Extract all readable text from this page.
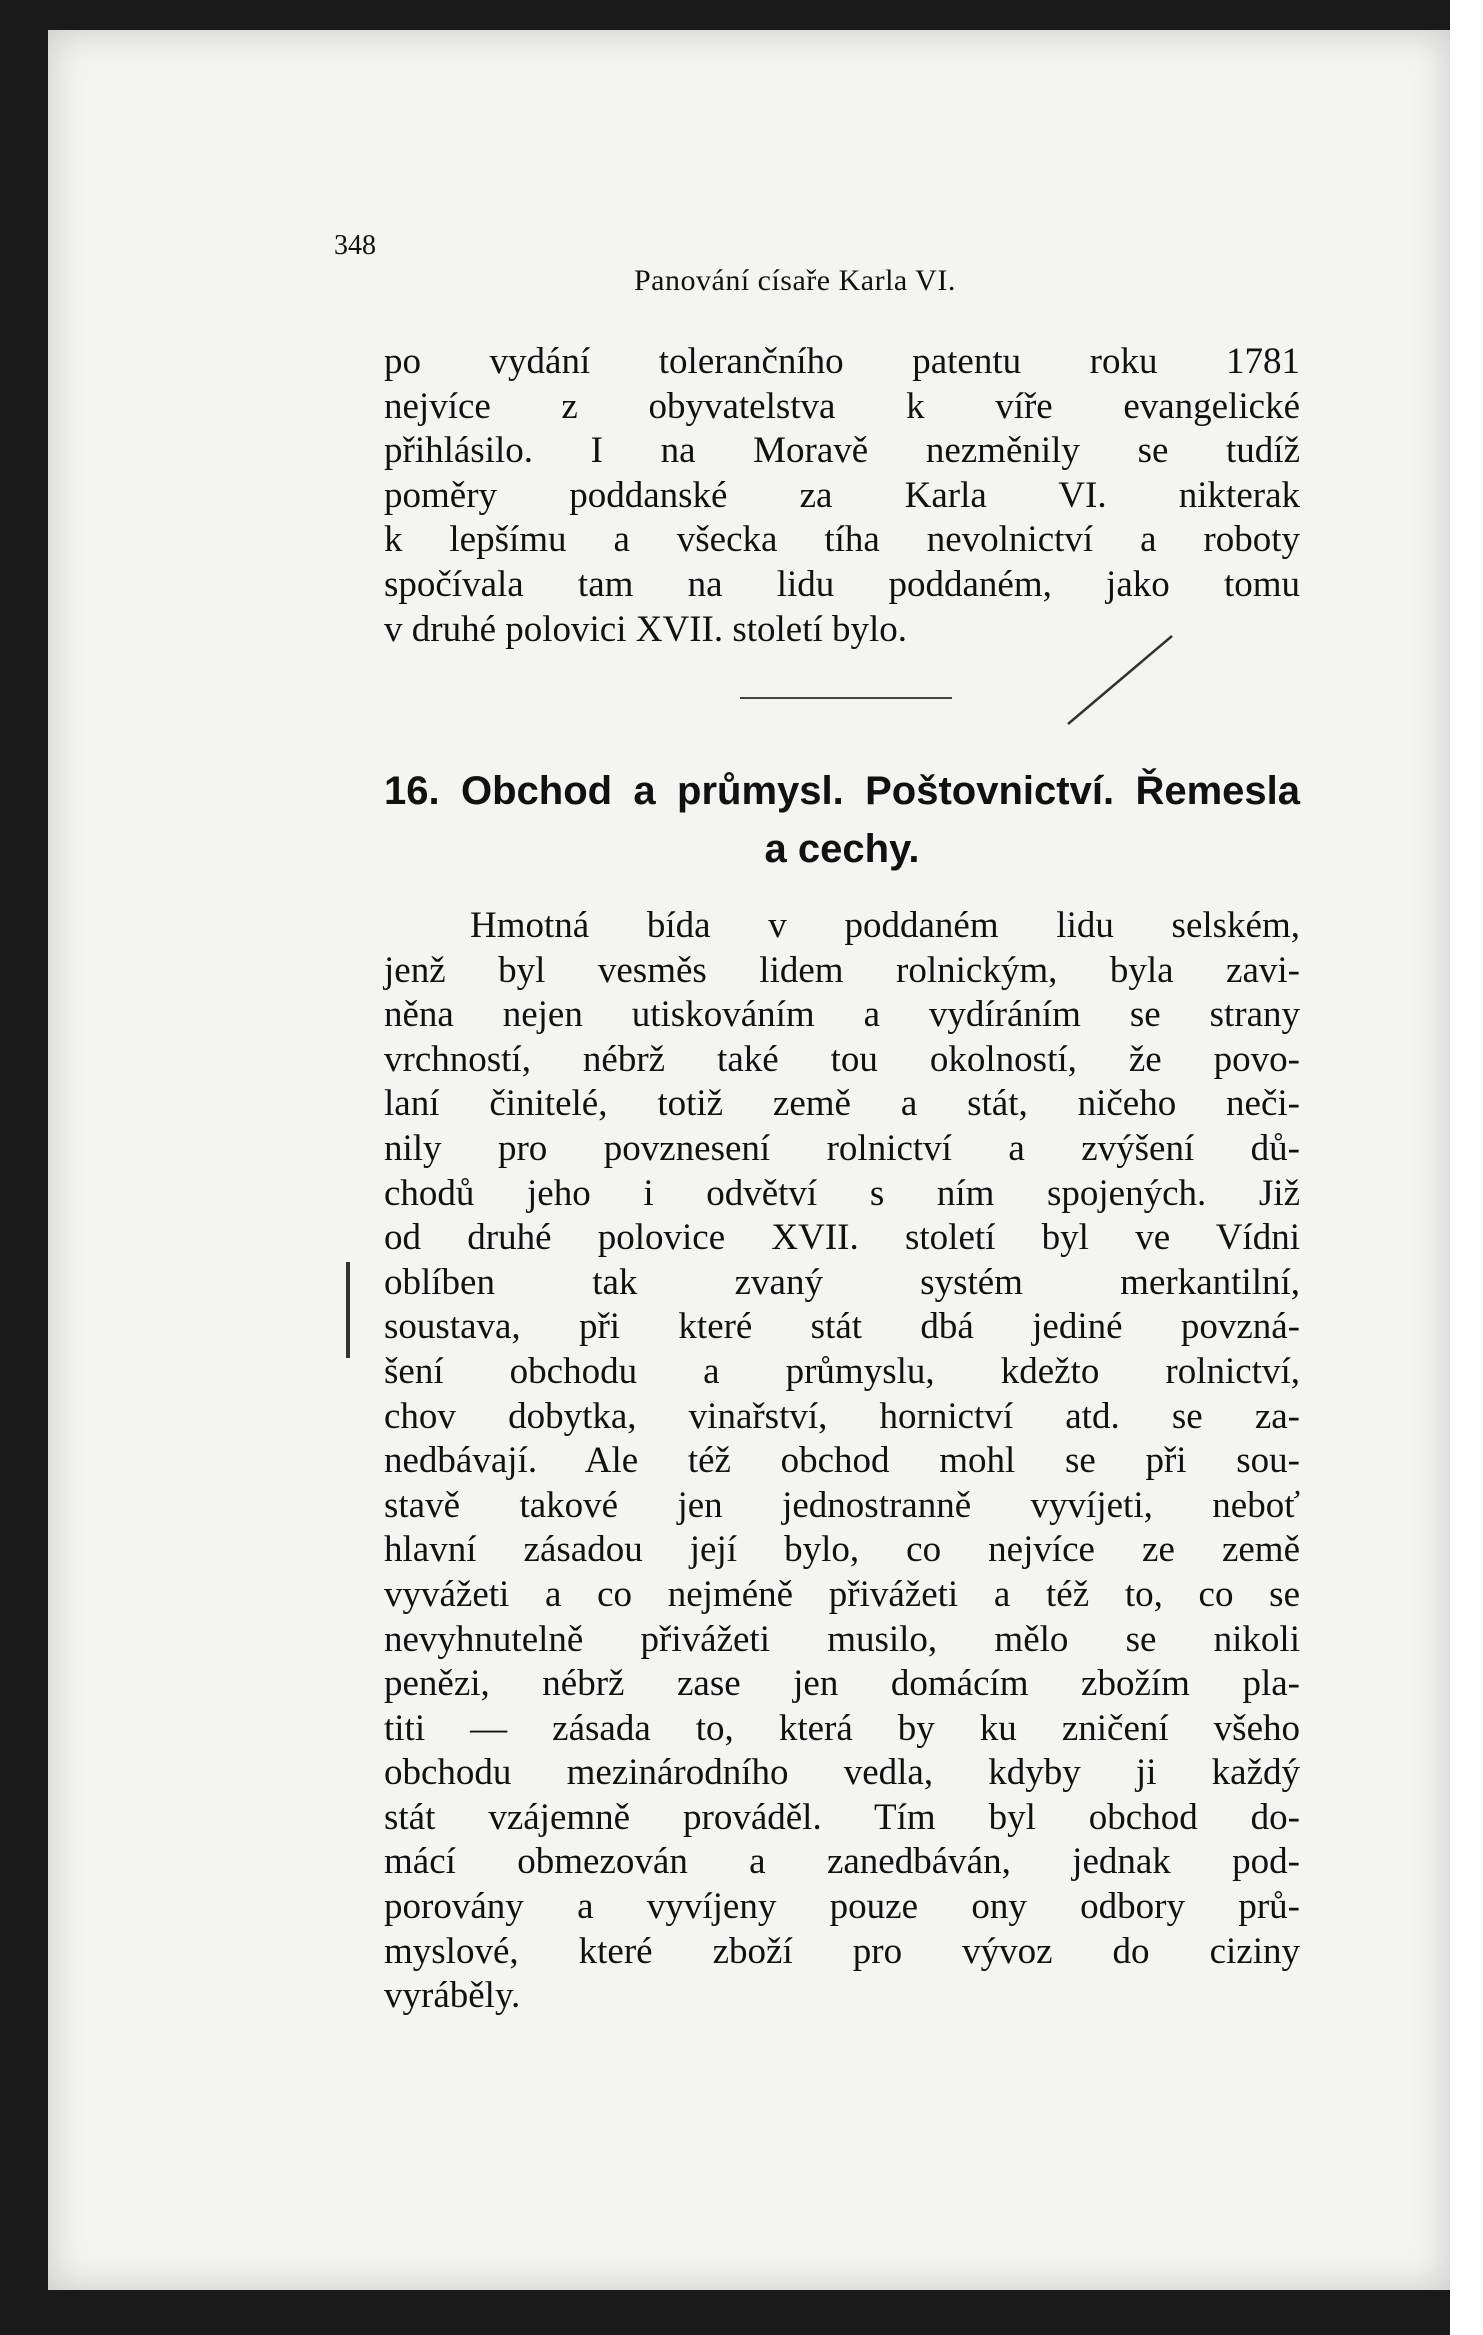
348
Panování císaře Karla VI.
po vydání tolerančního patentu roku 1781
nejvíce z obyvatelstva k víře evangelické
přihlásilo. I na Moravě nezměnily se tudíž
poměry poddanské za Karla VI. nikterak
k lepšímu a všecka tíha nevolnictví a roboty
spočívala tam na lidu poddaném, jako tomu
v druhé polovici XVII. století bylo.
16. Obchod a průmysl. Poštovnictví. Řemesla
a cechy.
Hmotná bída v poddaném lidu selském,
jenž byl vesměs lidem rolnickým, byla zavi-
něna nejen utiskováním a vydíráním se strany
vrchností, nébrž také tou okolností, že povo-
laní činitelé, totiž země a stát, ničeho neči-
nily pro povznesení rolnictví a zvýšení dů-
chodů jeho i odvětví s ním spojených. Již
od druhé polovice XVII. století byl ve Vídni
oblíben tak zvaný systém merkantilní,
soustava, při které stát dbá jediné povzná-
šení obchodu a průmyslu, kdežto rolnictví,
chov dobytka, vinařství, hornictví atd. se za-
nedbávají. Ale též obchod mohl se při sou-
stavě takové jen jednostranně vyvíjeti, neboť
hlavní zásadou její bylo, co nejvíce ze země
vyvážeti a co nejméně přivážeti a též to, co se
nevyhnutelně přivážeti musilo, mělo se nikoli
penězi, nébrž zase jen domácím zbožím pla-
titi — zásada to, která by ku zničení všeho
obchodu mezinárodního vedla, kdyby ji každý
stát vzájemně prováděl. Tím byl obchod do-
mácí obmezován a zanedbáván, jednak pod-
porovány a vyvíjeny pouze ony odbory prů-
myslové, které zboží pro vývoz do ciziny
vyráběly.
